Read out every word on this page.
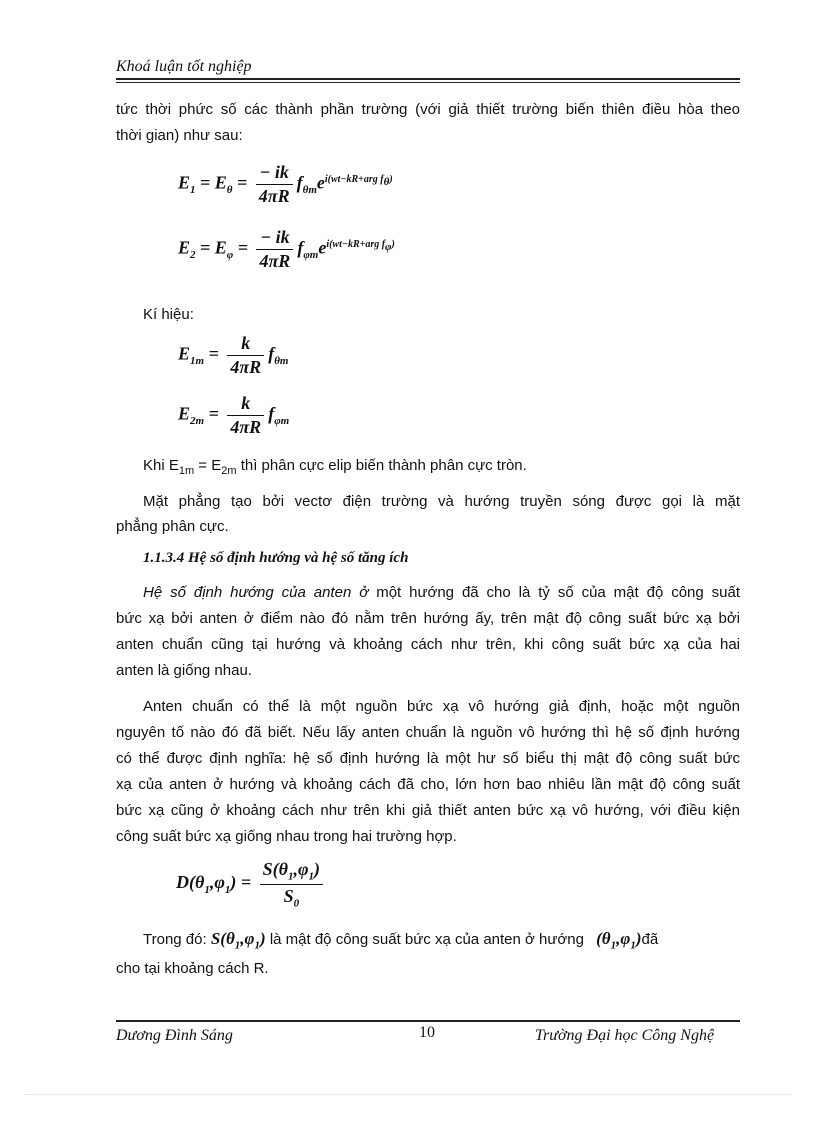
Khoá luận tốt nghiệp
tức thời phức số các thành phần trường (với giả thiết trường biến thiên điều hòa theo
thời gian) như sau:
$E_1 = E_\theta = \frac{- ik}{4\pi R} f_{\theta m}e^{i(wt-kR+arg f_\theta)}$
$E_2 = E_\varphi = \frac{- ik}{4\pi R} f_{\varphi m}e^{i(wt-kR+arg f_\varphi)}$
Kí hiệu:
$E_{1m} = \frac{k}{4\pi R} f_{\theta m}$
$E_{2m} = \frac{k}{4\pi R} f_{\varphi m}$
Khi $E_{1m} = E_{2m}$ thì phân cực elip biến thành phân cực tròn.
Mặt phẳng tạo bởi vectơ điện trường và hướng truyền sóng được gọi là mặt
phẳng phân cực.
1.1.3.4 Hệ số định hướng và hệ số tăng ích
Hệ số định hướng của anten ở một hướng đã cho là tỷ số của mật độ công suất
bức xạ bởi anten ở điểm nào đó nằm trên hướng ấy, trên mật độ công suất bức xạ bởi
anten chuẩn cũng tại hướng và khoảng cách như trên, khi công suất bức xạ của hai
anten là giống nhau.
Anten chuẩn có thể là một nguồn bức xạ vô hướng giả định, hoặc một nguồn
nguyên tố nào đó đã biết. Nếu lấy anten chuẩn là nguồn vô hướng thì hệ số định hướng
có thể được định nghĩa: hệ số định hướng là một hư số biểu thị mật độ công suất bức
xạ của anten ở hướng và khoảng cách đã cho, lớn hơn bao nhiêu lần mật độ công suất
bức xạ cũng ở khoảng cách như trên khi giả thiết anten bức xạ vô hướng, với điều kiện
công suất bức xạ giống nhau trong hai trường hợp.
$D(\theta_1,\varphi_1) = \frac{S(\theta_1,\varphi_1)}{S_0}$
Trong đó: $S(\theta_1,\varphi_1)$ là mật độ công suất bức xạ của anten ở hướng $(\theta_1,\varphi_1)đã$
cho tại khoảng cách R.
Dương Đình Sáng	10	Trường Đại học Công Nghệ
